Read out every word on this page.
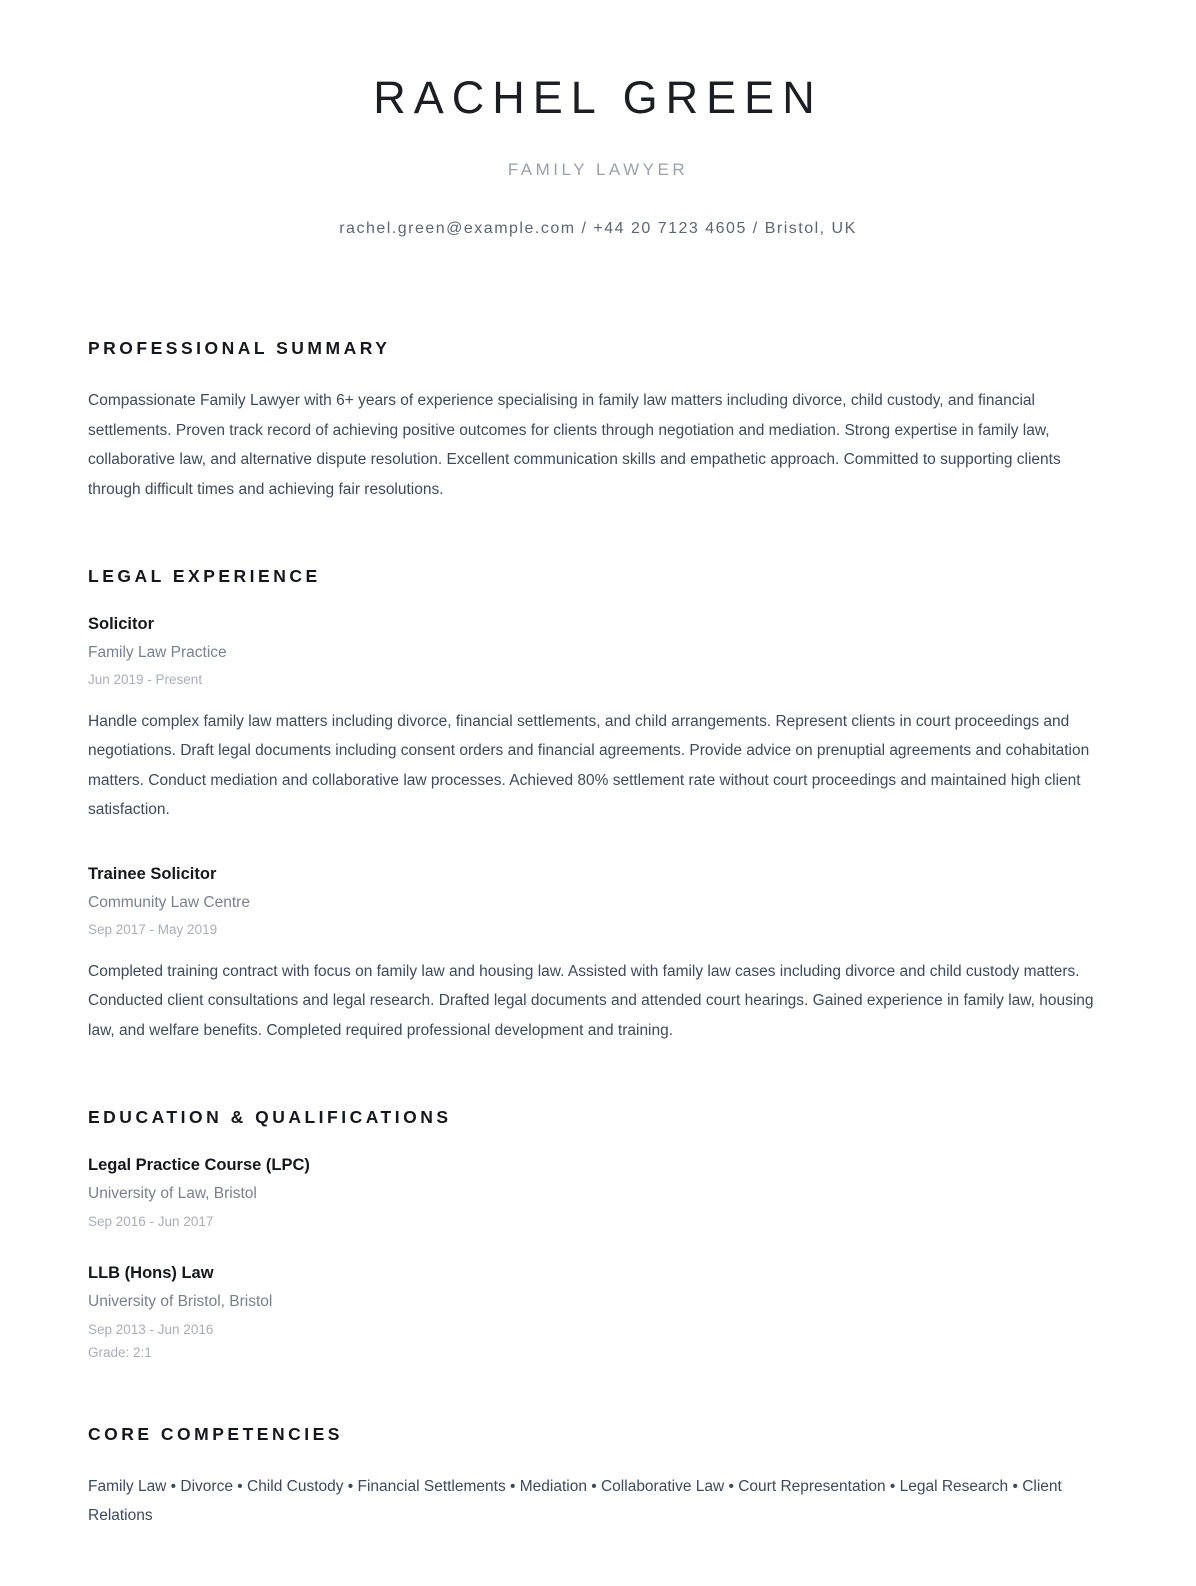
RACHEL GREEN
FAMILY LAWYER
rachel.green@example.com / +44 20 7123 4605 / Bristol, UK
PROFESSIONAL SUMMARY

Compassionate Family Lawyer with 6+ years of experience specialising in family law matters including divorce, child custody, and financial settlements. Proven track record of achieving positive outcomes for clients through negotiation and mediation. Strong expertise in family law, collaborative law, and alternative dispute resolution. Excellent communication skills and empathetic approach. Committed to supporting clients through difficult times and achieving fair resolutions.

LEGAL EXPERIENCE
Solicitor
Family Law Practice
Jun 2019 - Present

Handle complex family law matters including divorce, financial settlements, and child arrangements. Represent clients in court proceedings and negotiations. Draft legal documents including consent orders and financial agreements. Provide advice on prenuptial agreements and cohabitation matters. Conduct mediation and collaborative law processes. Achieved 80% settlement rate without court proceedings and maintained high client satisfaction.

Trainee Solicitor
Community Law Centre
Sep 2017 - May 2019

Completed training contract with focus on family law and housing law. Assisted with family law cases including divorce and child custody matters. Conducted client consultations and legal research. Drafted legal documents and attended court hearings. Gained experience in family law, housing law, and welfare benefits. Completed required professional development and training.

EDUCATION & QUALIFICATIONS
Legal Practice Course (LPC)
University of Law, Bristol
Sep 2016 - Jun 2017
LLB (Hons) Law
University of Bristol, Bristol
Sep 2013 - Jun 2016
Grade: 2:1
CORE COMPETENCIES

Family Law • Divorce • Child Custody • Financial Settlements • Mediation • Collaborative Law • Court Representation • Legal Research • Client Relations
